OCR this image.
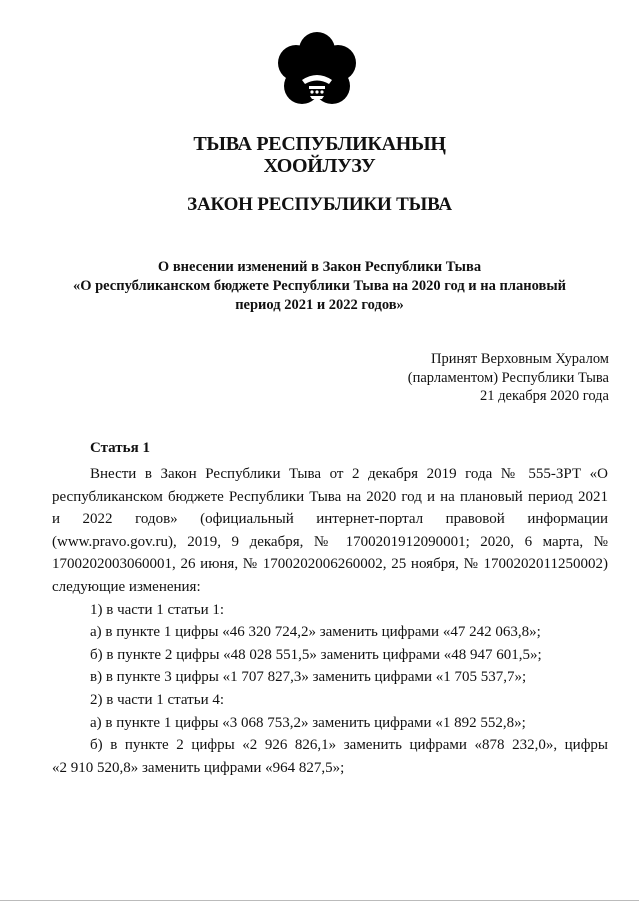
ТЫВА РЕСПУБЛИКАНЫҢ
ХООЙЛУЗУ
ЗАКОН РЕСПУБЛИКИ ТЫВА
О внесении изменений в Закон Республики Тыва
«О республиканском бюджете Республики Тыва на 2020 год и на плановый
период 2021 и 2022 годов»
Принят Верховным Хуралом
(парламентом) Республики Тыва
21 декабря 2020 года
Статья 1
Внести в Закон Республики Тыва от 2 декабря 2019 года № 555-ЗРТ «О
республиканском бюджете Республики Тыва на 2020 год и на плановый период 2021
и 2022 годов» (официальный интернет-портал правовой информации
(www.pravo.gov.ru), 2019, 9 декабря, № 1700201912090001; 2020, 6 марта, №
1700202003060001, 26 июня, № 1700202006260002, 25 ноября, № 1700202011250002)
следующие изменения:
1) в части 1 статьи 1:
а) в пункте 1 цифры «46 320 724,2» заменить цифрами «47 242 063,8»;
б) в пункте 2 цифры «48 028 551,5» заменить цифрами «48 947 601,5»;
в) в пункте 3 цифры «1 707 827,3» заменить цифрами «1 705 537,7»;
2) в части 1 статьи 4:
а) в пункте 1 цифры «3 068 753,2» заменить цифрами «1 892 552,8»;
б) в пункте 2 цифры «2 926 826,1» заменить цифрами «878 232,0», цифры
«2 910 520,8» заменить цифрами «964 827,5»;
